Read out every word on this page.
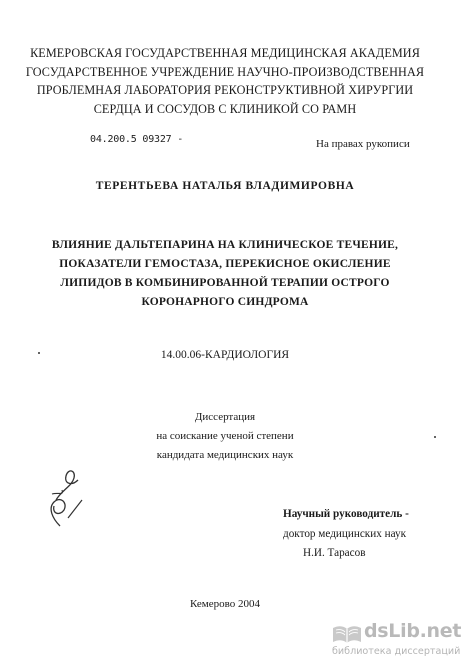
КЕМЕРОВСКАЯ ГОСУДАРСТВЕННАЯ МЕДИЦИНСКАЯ АКАДЕМИЯ
ГОСУДАРСТВЕННОЕ УЧРЕЖДЕНИЕ НАУЧНО-ПРОИЗВОДСТВЕННАЯ
ПРОБЛЕМНАЯ ЛАБОРАТОРИЯ РЕКОНСТРУКТИВНОЙ ХИРУРГИИ
СЕРДЦА И СОСУДОВ С КЛИНИКОЙ СО РАМН
04.200.5 09327 -	На правах рукописи
ТЕРЕНТЬЕВА НАТАЛЬЯ ВЛАДИМИРОВНА
ВЛИЯНИЕ ДАЛЬТЕПАРИНА НА КЛИНИЧЕСКОЕ ТЕЧЕНИЕ,
ПОКАЗАТЕЛИ ГЕМОСТАЗА, ПЕРЕКИСНОЕ ОКИСЛЕНИЕ
ЛИПИДОВ В КОМБИНИРОВАННОЙ ТЕРАПИИ ОСТРОГО
КОРОНАРНОГО СИНДРОМА
14.00.06-КАРДИОЛОГИЯ
Диссертация
на соискание ученой степени
кандидата медицинских наук
Научный руководитель -
доктор медицинских наук
Н.И. Тарасов
Кемерово 2004
dsLib.net
библиотека диссертаций
